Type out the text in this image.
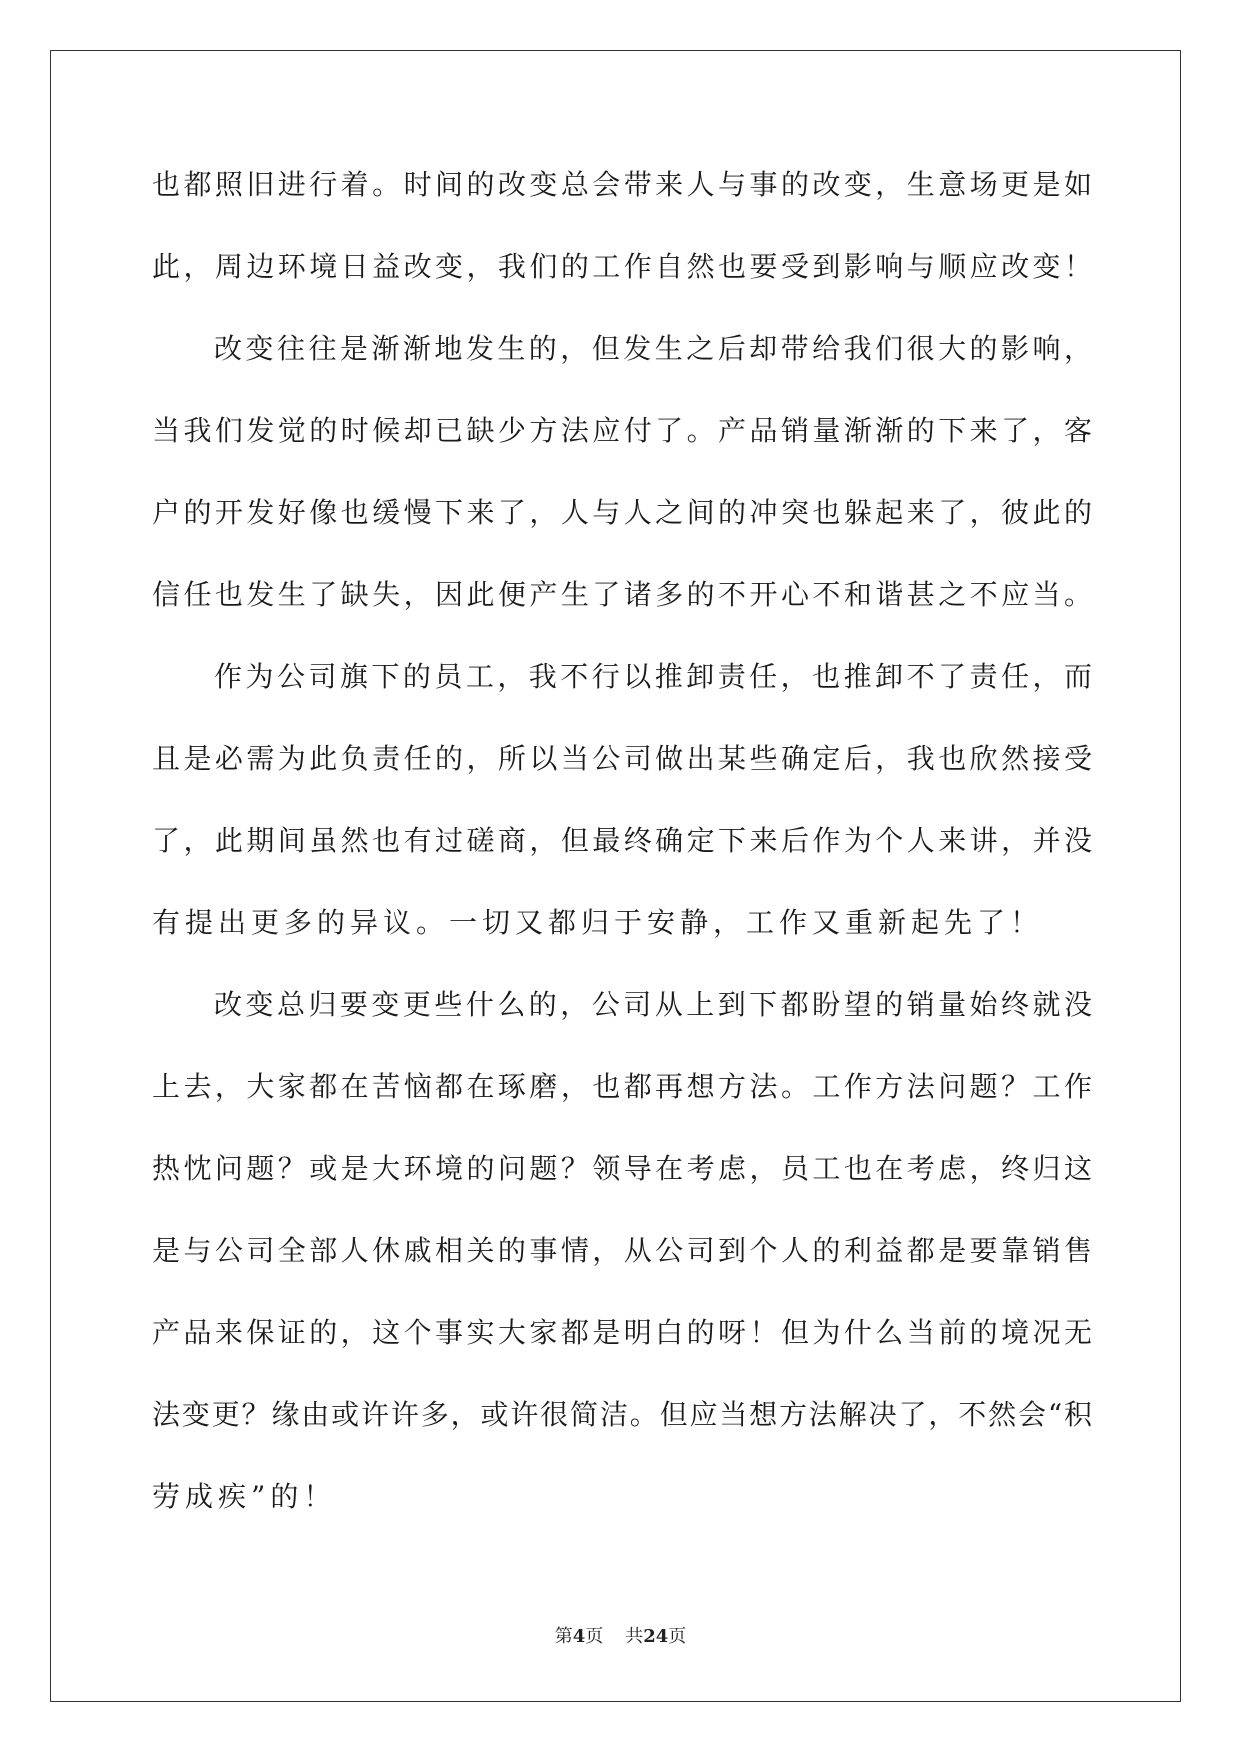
也都照旧进行着。时间的改变总会带来人与事的改变，生意场更是如
此，周边环境日益改变，我们的工作自然也要受到影响与顺应改变！
改变往往是渐渐地发生的，但发生之后却带给我们很大的影响，
当我们发觉的时候却已缺少方法应付了。产品销量渐渐的下来了，客
户的开发好像也缓慢下来了，人与人之间的冲突也躲起来了，彼此的
信任也发生了缺失，因此便产生了诸多的不开心不和谐甚之不应当。
作为公司旗下的员工，我不行以推卸责任，也推卸不了责任，而
且是必需为此负责任的，所以当公司做出某些确定后，我也欣然接受
了，此期间虽然也有过磋商，但最终确定下来后作为个人来讲，并没
有提出更多的异议。一切又都归于安静，工作又重新起先了！
改变总归要变更些什么的，公司从上到下都盼望的销量始终就没
上去，大家都在苦恼都在琢磨，也都再想方法。工作方法问题？工作
热忱问题？或是大环境的问题？领导在考虑，员工也在考虑，终归这
是与公司全部人休戚相关的事情，从公司到个人的利益都是要靠销售
产品来保证的，这个事实大家都是明白的呀！但为什么当前的境况无
法变更？缘由或许许多，或许很简洁。但应当想方法解决了，不然会“积
劳成疾”的！
第4页 共24页
